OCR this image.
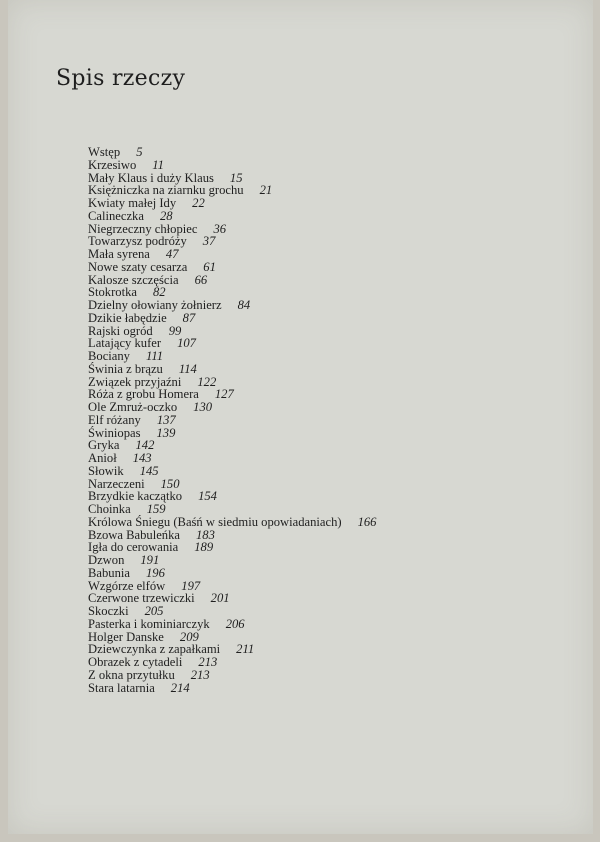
Spis rzeczy
Wstęp 5
Krzesiwo 11
Mały Klaus i duży Klaus 15
Księżniczka na ziarnku grochu 21
Kwiaty małej Idy 22
Calineczka 28
Niegrzeczny chłopiec 36
Towarzysz podróży 37
Mała syrena 47
Nowe szaty cesarza 61
Kalosze szczęścia 66
Stokrotka 82
Dzielny ołowiany żołnierz 84
Dzikie łabędzie 87
Rajski ogród 99
Latający kufer 107
Bociany 111
Świnia z brązu 114
Związek przyjaźni 122
Róża z grobu Homera 127
Ole Zmruż-oczko 130
Elf różany 137
Świniopas 139
Gryka 142
Anioł 143
Słowik 145
Narzeczeni 150
Brzydkie kaczątko 154
Choinka 159
Królowa Śniegu (Baśń w siedmiu opowiadaniach) 166
Bzowa Babuleńka 183
Igła do cerowania 189
Dzwon 191
Babunia 196
Wzgórze elfów 197
Czerwone trzewiczki 201
Skoczki 205
Pasterka i kominiarczyk 206
Holger Danske 209
Dziewczynka z zapałkami 211
Obrazek z cytadeli 213
Z okna przytułku 213
Stara latarnia 214
